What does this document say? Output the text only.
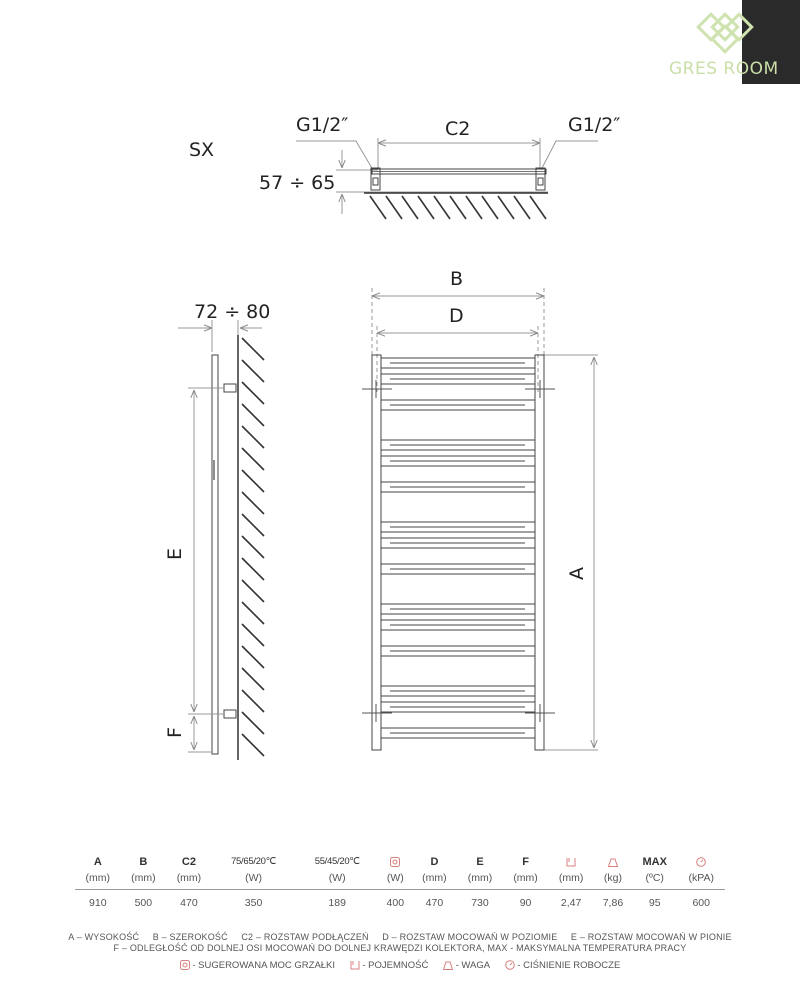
GRES ROOM
SX
G1/2″	C2	G1/2″
57 ÷ 65
72 ÷ 80
E
F
B
D
A
A	B	C2	75/65/20℃	55/45/20℃		D	E	F			MAX	
(mm)	(mm)	(mm)	(W)	(W)	(W)	(mm)	(mm)	(mm)	(mm)	(kg)	(ºC)	(kPA)
910	500	470	350	189	400	470	730	90	2,47	7,86	95	600
A – WYSOKOŚĆ     B – SZEROKOŚĆ     C2 – ROZSTAW PODŁĄCZEŃ     D – ROZSTAW MOCOWAŃ W POZIOMIE     E – ROZSTAW MOCOWAŃ W PIONIE
F – ODLEGŁOŚĆ OD DOLNEJ OSI MOCOWAŃ DO DOLNEJ KRAWĘDZI KOLEKTORA, MAX - MAKSYMALNA TEMPERATURA PRACY
- SUGEROWANA MOC GRZAŁKI	- POJEMNOŚĆ	- WAGA	- CIŚNIENIE ROBOCZE
